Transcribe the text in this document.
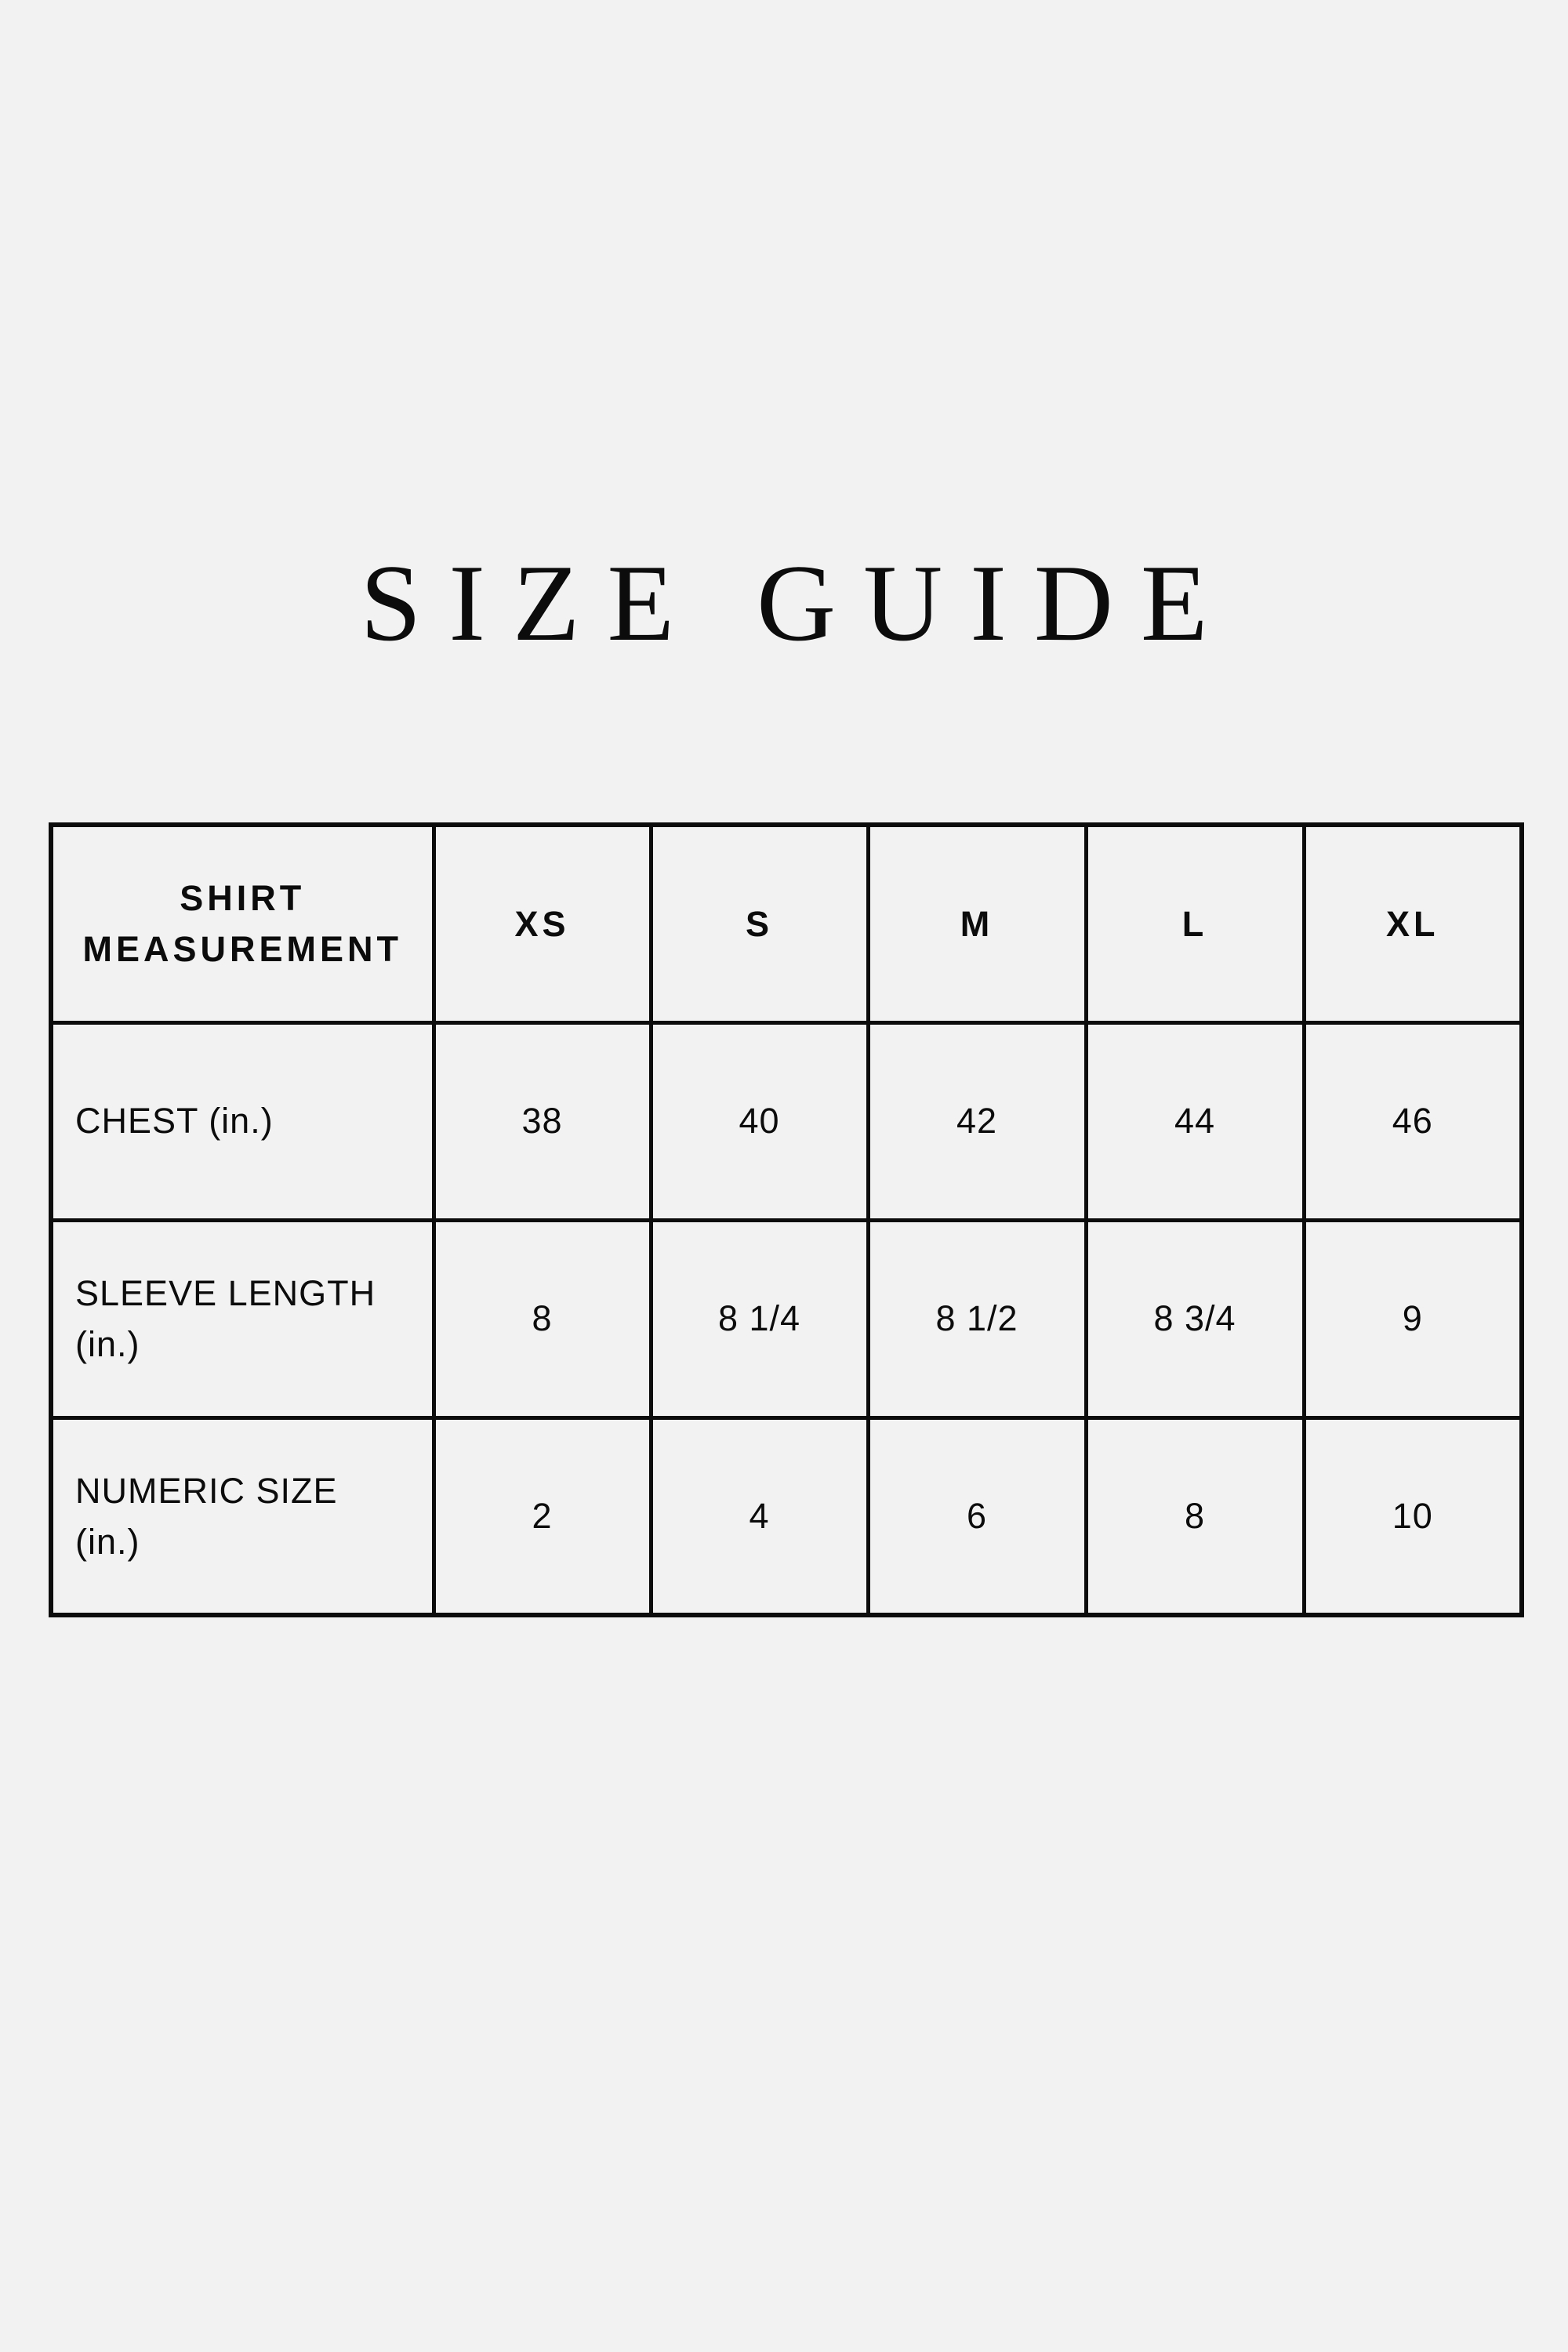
SIZE GUIDE
SHIRT MEASUREMENT	XS	S	M	L	XL
CHEST (in.)	38	40	42	44	46
SLEEVE LENGTH (in.)	8	8 1/4	8 1/2	8 3/4	9
NUMERIC SIZE (in.)	2	4	6	8	10
